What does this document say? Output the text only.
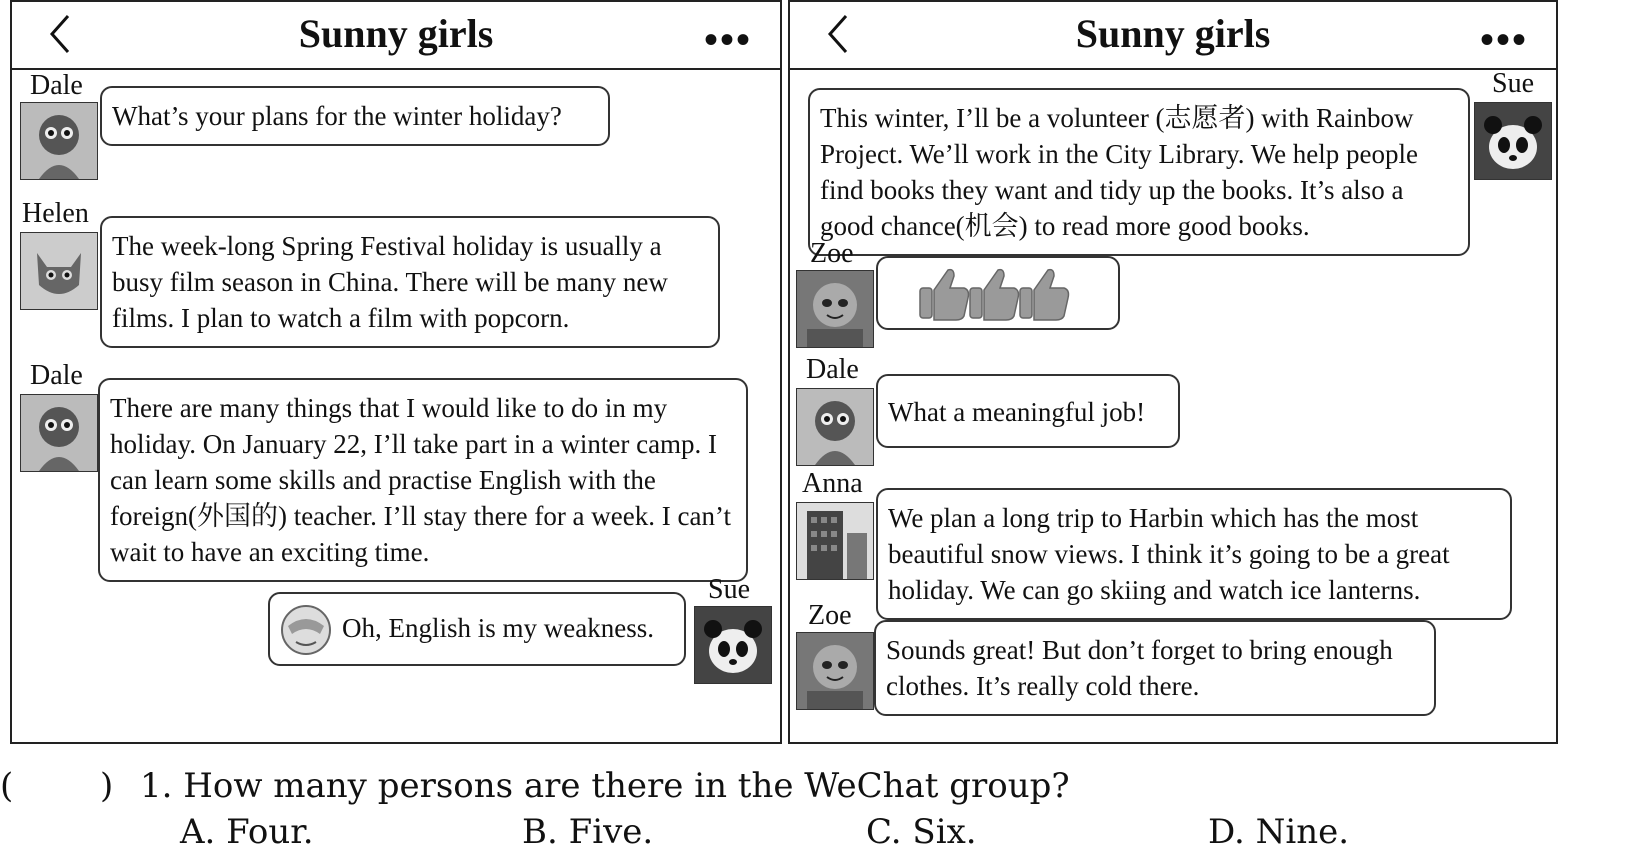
Sunny girls	•••
Dale
What’s your plans for the winter holiday?
Helen
The week-long Spring Festival holiday is usually a busy film season in China. There will be many new films. I plan to watch a film with popcorn.
Dale
There are many things that I would like to do in my holiday. On January 22, I’ll take part in a winter camp. I can learn some skills and practise English with the foreign(外国的) teacher. I’ll stay there for a week. I can’t wait to have an exciting time.
Sue
Oh, English is my weakness.
Sunny girls	•••
Sue
This winter, I’ll be a volunteer (志愿者) with Rainbow Project. We’ll work in the City Library. We help people find books they want and tidy up the books. It’s also a good chance(机会) to read more good books.
Zoe
Dale
What a meaningful job!
Anna
We plan a long trip to Harbin which has the most beautiful snow views. I think it’s going to be a great holiday. We can go skiing and watch ice lanterns.
Zoe
Sounds great! But don’t forget to bring enough clothes. It’s really cold there.
(	) 1. How many persons are there in the WeChat group?
A. Four.	B. Five.	C. Six.	D. Nine.
